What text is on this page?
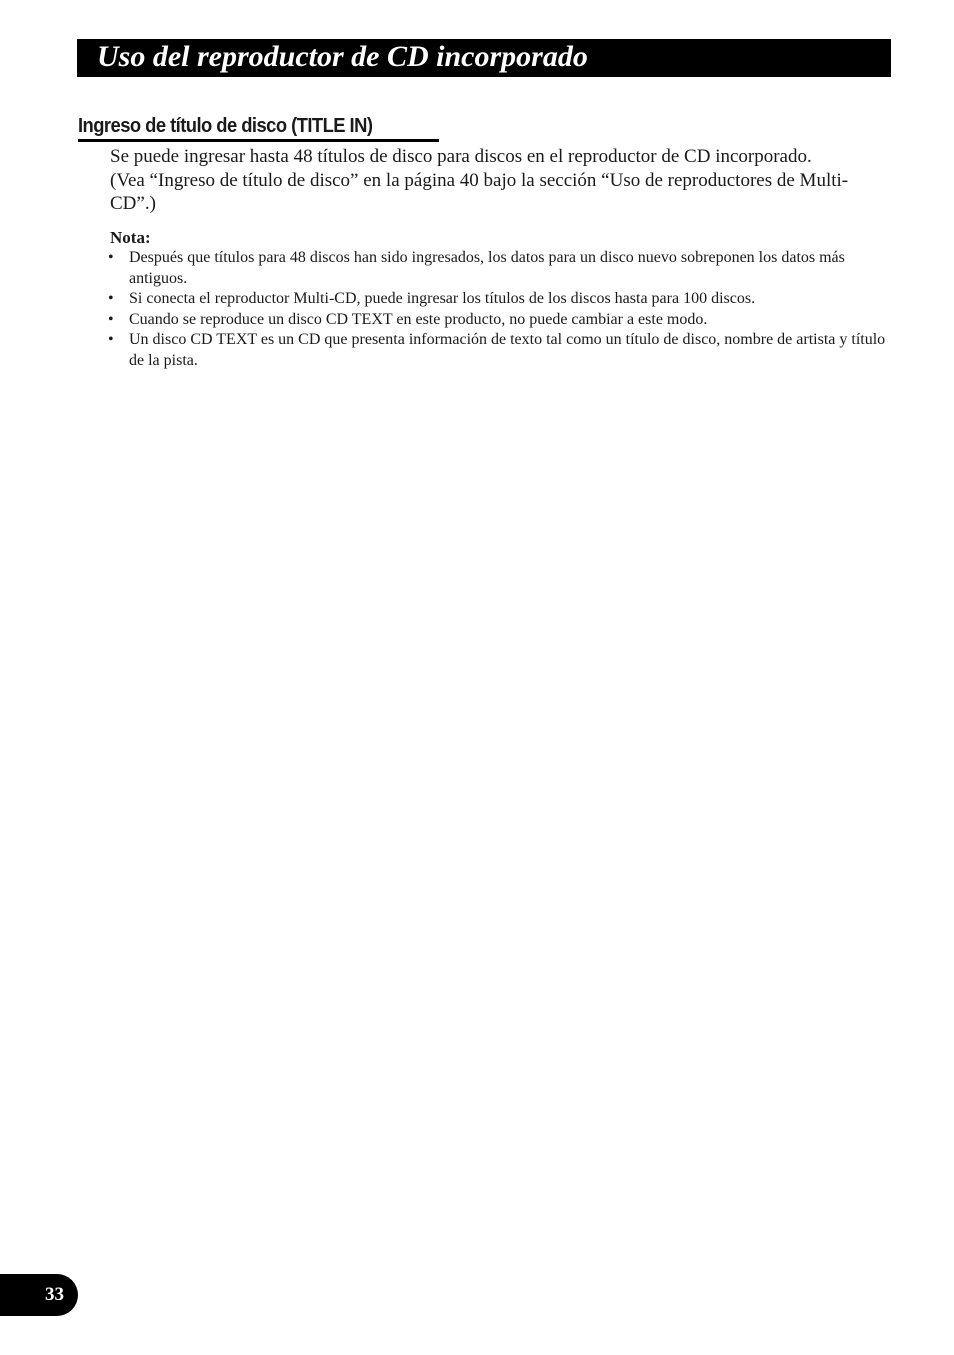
Uso del reproductor de CD incorporado
Ingreso de título de disco (TITLE IN)

Se puede ingresar hasta 48 títulos de disco para discos en el reproductor de CD incorporado. (Vea “Ingreso de título de disco” en la página 40 bajo la sección “Uso de reproductores de Multi-CD”.)

Nota:
• Después que títulos para 48 discos han sido ingresados, los datos para un disco nuevo sobreponen los datos más antiguos.
• Si conecta el reproductor Multi-CD, puede ingresar los títulos de los discos hasta para 100 discos.
• Cuando se reproduce un disco CD TEXT en este producto, no puede cambiar a este modo.
• Un disco CD TEXT es un CD que presenta información de texto tal como un título de disco, nombre de artista y título de la pista.
33
